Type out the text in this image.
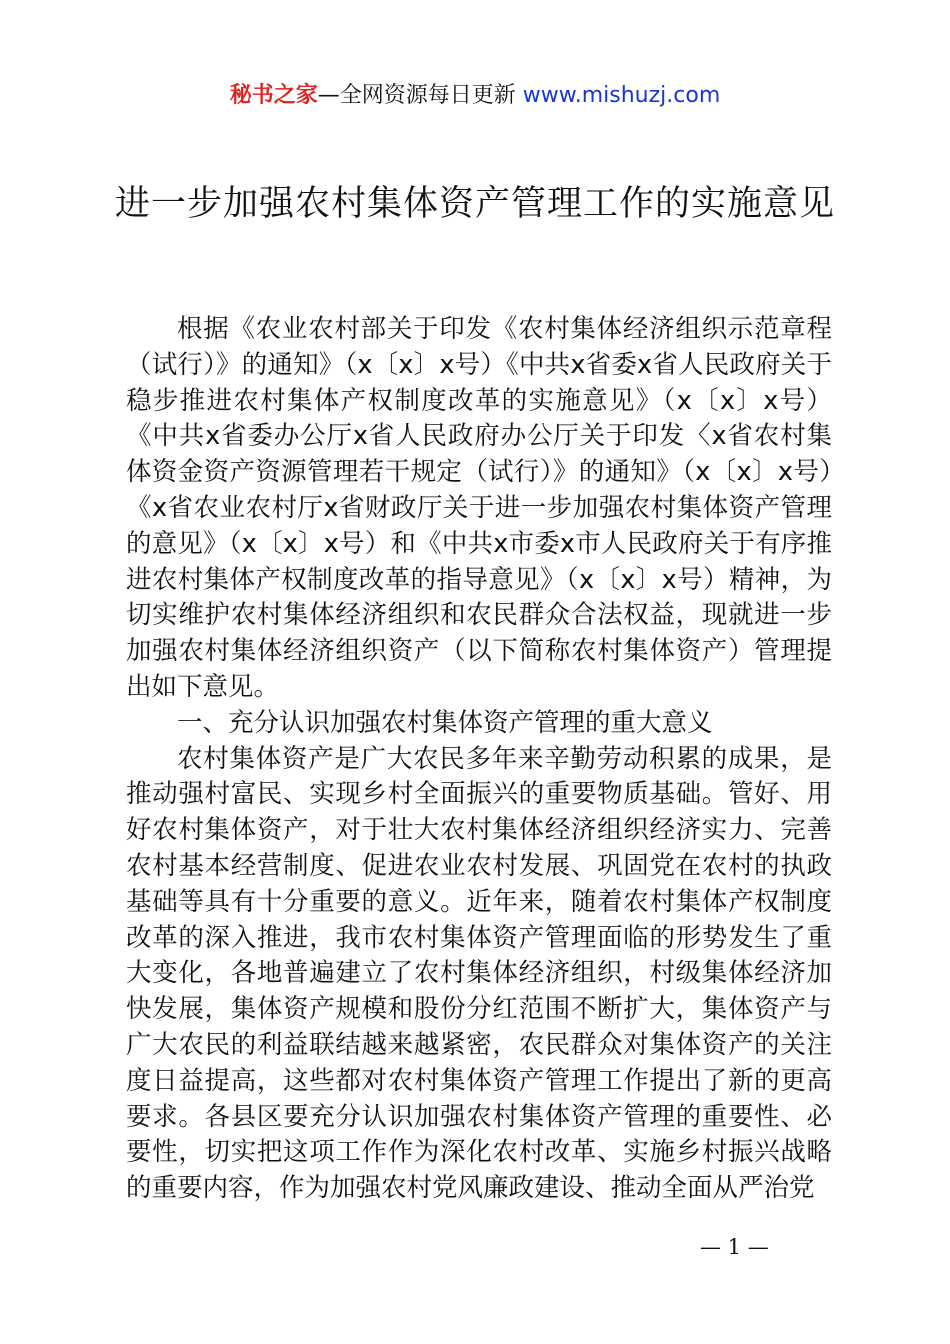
秘书之家—全网资源每日更新 www.mishuzj.com
进一步加强农村集体资产管理工作的实施意见

根据《农业农村部关于印发《农村集体经济组织示范章程（试行）》的通知》（x〔x〕x号）《中共x省委x省人民政府关于稳步推进农村集体产权制度改革的实施意见》（x〔x〕x号）《中共x省委办公厅x省人民政府办公厅关于印发〈x省农村集体资金资产资源管理若干规定（试行）》的通知》（x〔x〕x号）《x省农业农村厅x省财政厅关于进一步加强农村集体资产管理的意见》（x〔x〕x号）和《中共x市委x市人民政府关于有序推进农村集体产权制度改革的指导意见》（x〔x〕x号）精神，为切实维护农村集体经济组织和农民群众合法权益，现就进一步加强农村集体经济组织资产（以下简称农村集体资产）管理提出如下意见。

一、充分认识加强农村集体资产管理的重大意义

农村集体资产是广大农民多年来辛勤劳动积累的成果，是推动强村富民、实现乡村全面振兴的重要物质基础。管好、用好农村集体资产，对于壮大农村集体经济组织经济实力、完善农村基本经营制度、促进农业农村发展、巩固党在农村的执政基础等具有十分重要的意义。近年来，随着农村集体产权制度改革的深入推进，我市农村集体资产管理面临的形势发生了重大变化，各地普遍建立了农村集体经济组织，村级集体经济加快发展，集体资产规模和股份分红范围不断扩大，集体资产与广大农民的利益联结越来越紧密，农民群众对集体资产的关注度日益提高，这些都对农村集体资产管理工作提出了新的更高要求。各县区要充分认识加强农村集体资产管理的重要性、必要性，切实把这项工作作为深化农村改革、实施乡村振兴战略的重要内容，作为加强农村党风廉政建设、推动全面从严治党

— 1 —
